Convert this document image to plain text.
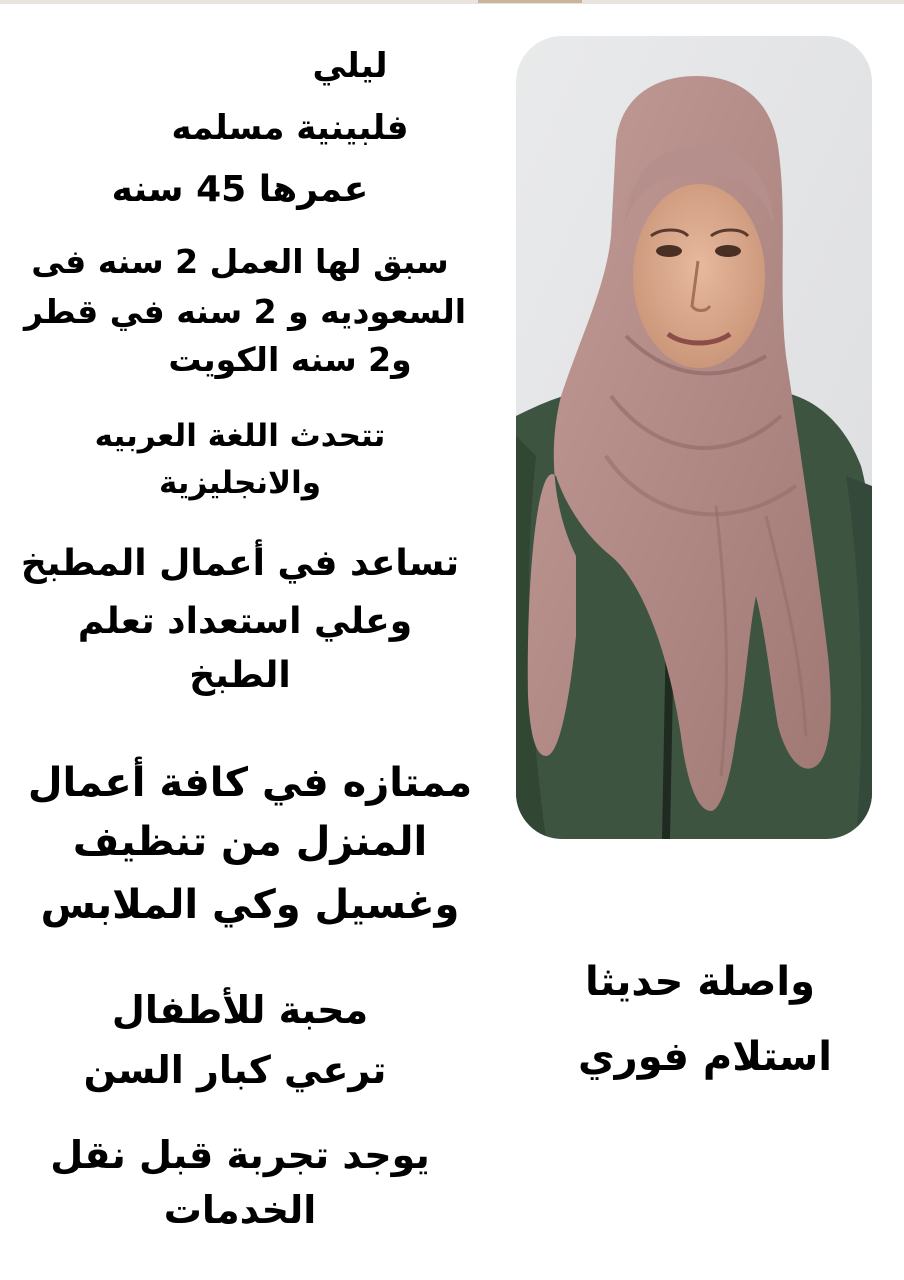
ليلي
فلبينية مسلمه
عمرها 45 سنه
سبق لها العمل 2 سنه فى
السعوديه و 2 سنه في قطر
و2 سنه الكويت
تتحدث اللغة العربيه
والانجليزية
تساعد في أعمال المطبخ
وعلي استعداد تعلم
الطبخ
ممتازه في كافة أعمال
المنزل من تنظيف
وغسيل وكي الملابس
محبة للأطفال
ترعي كبار السن
يوجد تجربة قبل نقل
الخدمات
واصلة حديثا
استلام فوري
